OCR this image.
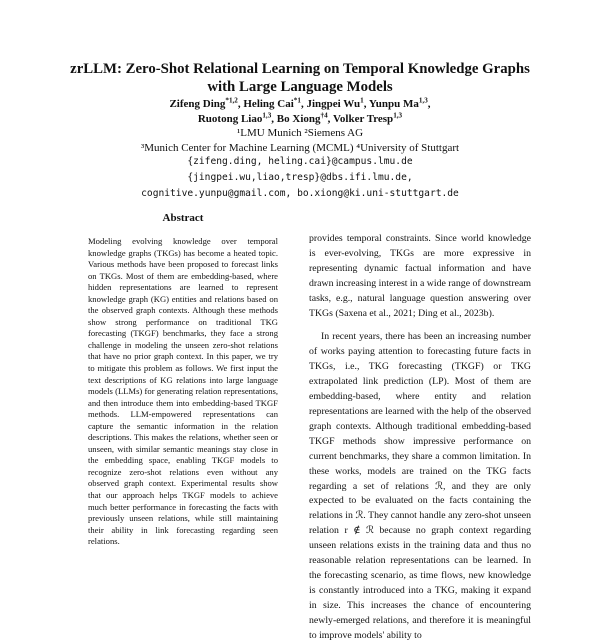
zrLLM: Zero-Shot Relational Learning on Temporal Knowledge Graphs
with Large Language Models
Zifeng Ding$^{*1,2}$, Heling Cai$^{*1}$, Jingpei Wu$^1$, Yunpu Ma$^{1,3}$,
Ruotong Liao$^{1,3}$, Bo Xiong$^{\dagger 4}$, Volker Tresp$^{1,3}$
¹LMU Munich ²Siemens AG
³Munich Center for Machine Learning (MCML) ⁴University of Stuttgart
{zifeng.ding, heling.cai}@campus.lmu.de
{jingpei.wu,liao,tresp}@dbs.ifi.lmu.de,
cognitive.yunpu@gmail.com, bo.xiong@ki.uni-stuttgart.de
Abstract
Modeling evolving knowledge over temporal knowledge graphs (TKGs) has become a heated topic. Various methods have been proposed to forecast links on TKGs. Most of them are embedding-based, where hidden representations are learned to represent knowledge graph (KG) entities and relations based on the observed graph contexts. Although these methods show strong performance on traditional TKG forecasting (TKGF) benchmarks, they face a strong challenge in modeling the unseen zero-shot relations that have no prior graph context. In this paper, we try to mitigate this problem as follows. We first input the text descriptions of KG relations into large language models (LLMs) for generating relation representations, and then introduce them into embedding-based TKGF methods. LLM-empowered representations can capture the semantic information in the relation descriptions. This makes the relations, whether seen or unseen, with similar semantic meanings stay close in the embedding space, enabling TKGF models to recognize zero-shot relations even without any observed graph context. Experimental results show that our approach helps TKGF models to achieve much better performance in forecasting the facts with previously unseen relations, while still maintaining their ability in link forecasting regarding seen relations.

provides temporal constraints. Since world knowledge is ever-evolving, TKGs are more expressive in representing dynamic factual information and have drawn increasing interest in a wide range of downstream tasks, e.g., natural language question answering over TKGs (Saxena et al., 2021; Ding et al., 2023b).

In recent years, there has been an increasing number of works paying attention to forecasting future facts in TKGs, i.e., TKG forecasting (TKGF) or TKG extrapolated link prediction (LP). Most of them are embedding-based, where entity and relation representations are learned with the help of the observed graph contexts. Although traditional embedding-based TKGF methods show impressive performance on current benchmarks, they share a common limitation. In these works, models are trained on the TKG facts regarding a set of relations ℛ, and they are only expected to be evaluated on the facts containing the relations in ℛ. They cannot handle any zero-shot unseen relation r ∉ ℛ because no graph context regarding unseen relations exists in the training data and thus no reasonable relation representations can be learned. In the forecasting scenario, as time flows, new knowledge is constantly introduced into a TKG, making it expand in size. This increases the chance of encountering newly-emerged relations, and therefore it is meaningful to improve models' ability to
